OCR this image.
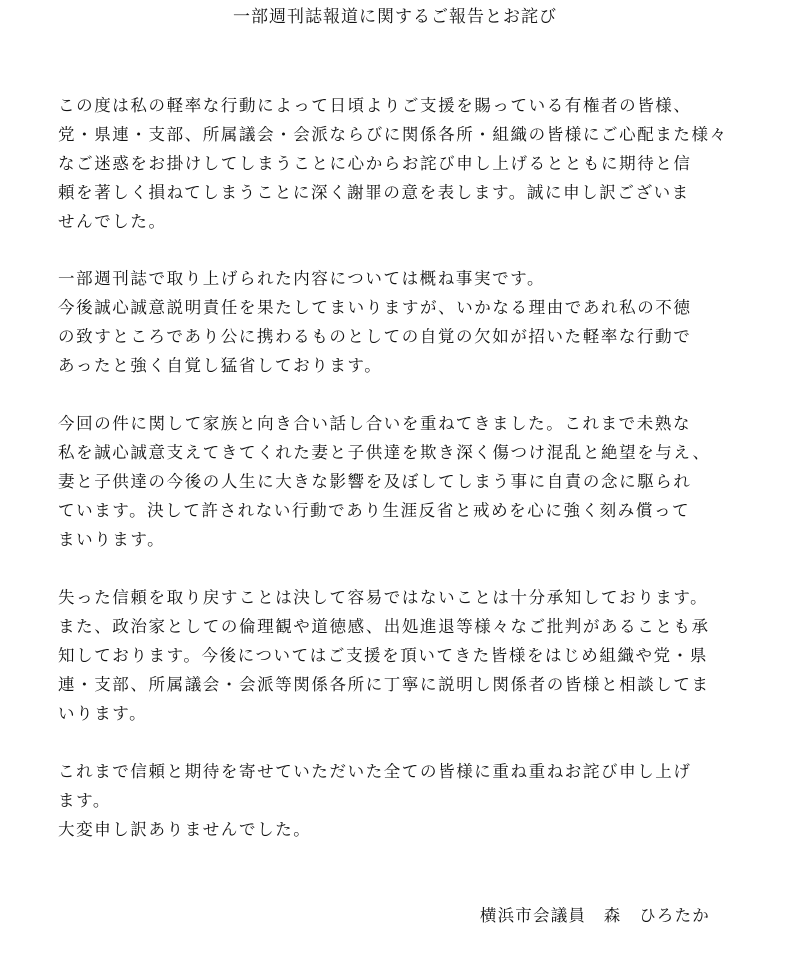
一部週刊誌報道に関するご報告とお詫び
この度は私の軽率な行動によって日頃よりご支援を賜っている有権者の皆様、
党・県連・支部、所属議会・会派ならびに関係各所・組織の皆様にご心配また様々
なご迷惑をお掛けしてしまうことに心からお詫び申し上げるとともに期待と信
頼を著しく損ねてしまうことに深く謝罪の意を表します。誠に申し訳ございま
せんでした。
一部週刊誌で取り上げられた内容については概ね事実です。
今後誠心誠意説明責任を果たしてまいりますが、いかなる理由であれ私の不徳
の致すところであり公に携わるものとしての自覚の欠如が招いた軽率な行動で
あったと強く自覚し猛省しております。
今回の件に関して家族と向き合い話し合いを重ねてきました。これまで未熟な
私を誠心誠意支えてきてくれた妻と子供達を欺き深く傷つけ混乱と絶望を与え、
妻と子供達の今後の人生に大きな影響を及ぼしてしまう事に自責の念に駆られ
ています。決して許されない行動であり生涯反省と戒めを心に強く刻み償って
まいります。
失った信頼を取り戻すことは決して容易ではないことは十分承知しております。
また、政治家としての倫理観や道徳感、出処進退等様々なご批判があることも承
知しております。今後についてはご支援を頂いてきた皆様をはじめ組織や党・県
連・支部、所属議会・会派等関係各所に丁寧に説明し関係者の皆様と相談してま
いります。
これまで信頼と期待を寄せていただいた全ての皆様に重ね重ねお詫び申し上げ
ます。
大変申し訳ありませんでした。
横浜市会議員　森　ひろたか
